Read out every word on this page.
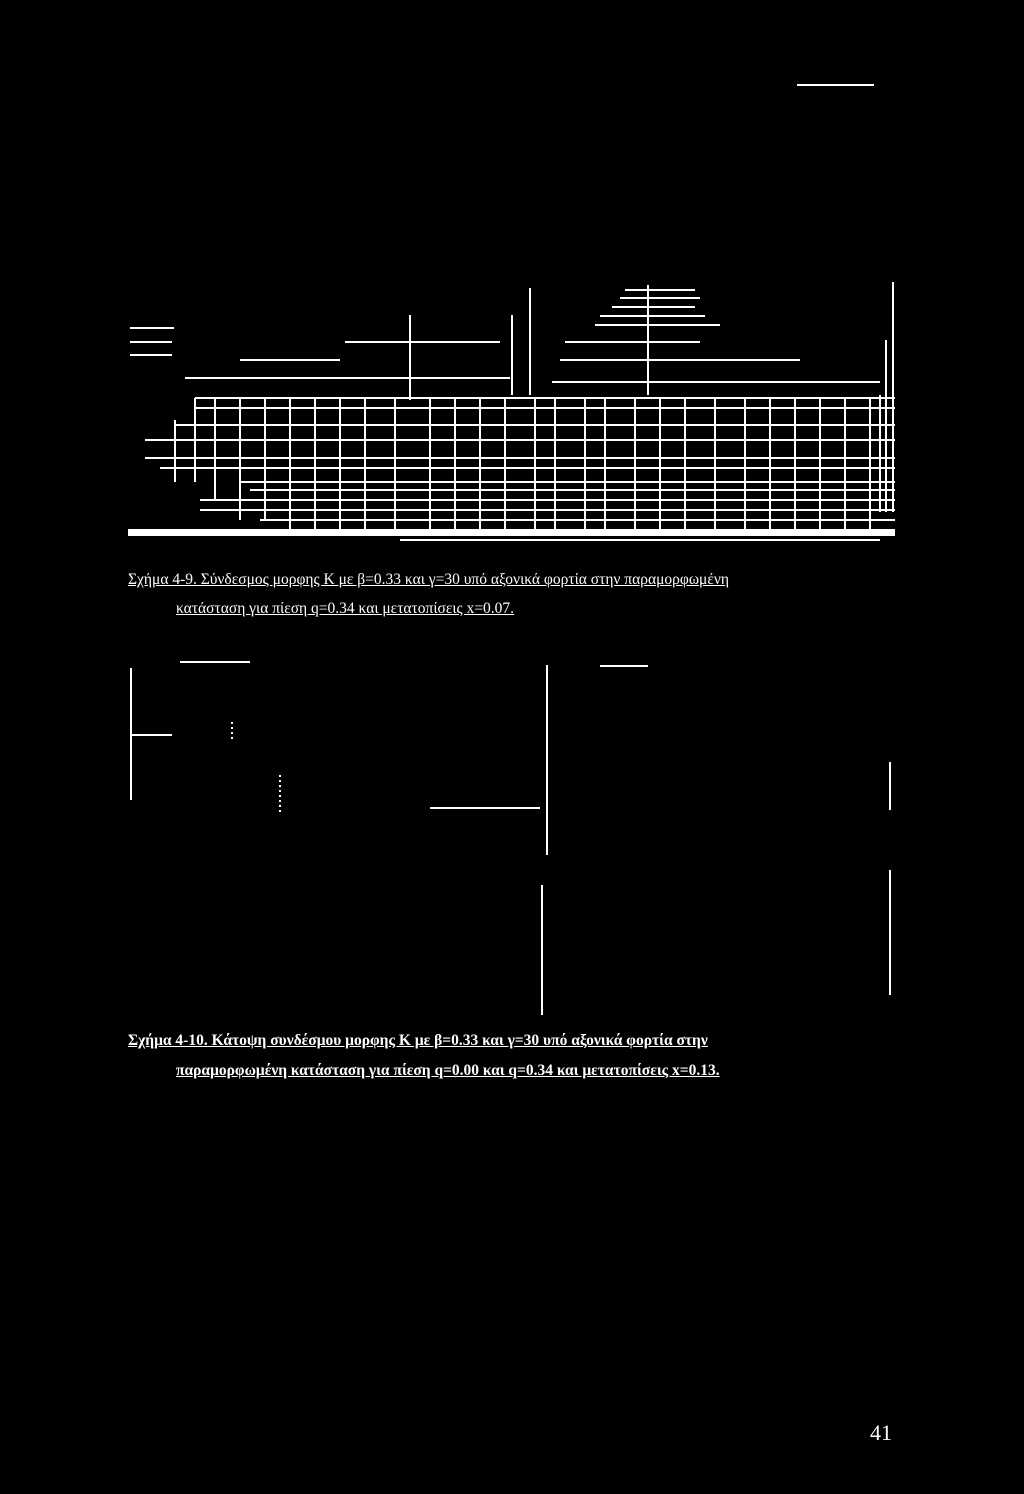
Σχήμα 4-9. Σύνδεσμος μορφης Κ με β=0.33 και γ=30 υπό αξονικά φορτία στην παραμορφωμένη

κατάσταση για πίεση q=0.34 και μετατοπίσεις x=0.07.

Σχήμα 4-10. Κάτοψη συνδέσμου μορφης Κ με β=0.33 και γ=30 υπό αξονικά φορτία στην

παραμορφωμένη κατάσταση για πίεση q=0.00 και q=0.34 και μετατοπίσεις x=0.13.

41
